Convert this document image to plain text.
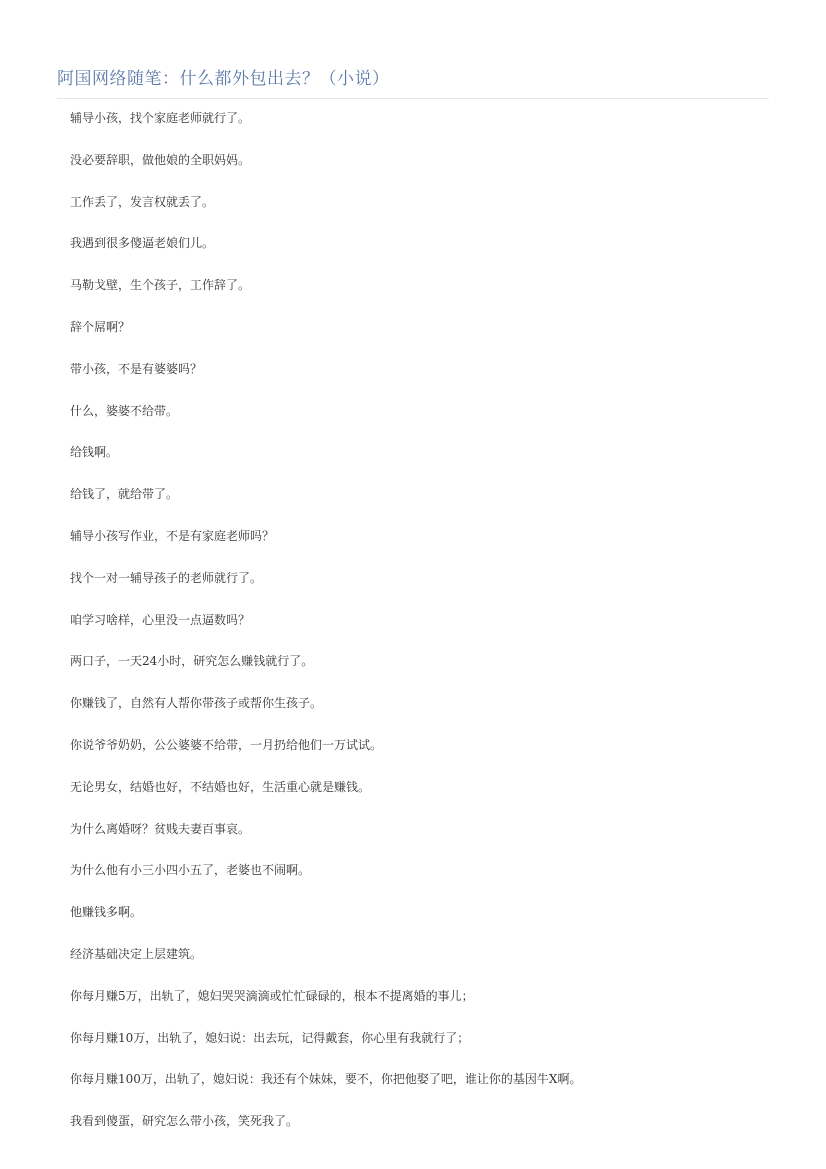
阿国网络随笔：什么都外包出去？（小说）
辅导小孩，找个家庭老师就行了。
没必要辞职，做他娘的全职妈妈。
工作丢了，发言权就丢了。
我遇到很多傻逼老娘们儿。
马勒戈壁，生个孩子，工作辞了。
辞个屌啊？
带小孩，不是有婆婆吗？
什么，婆婆不给带。
给钱啊。
给钱了，就给带了。
辅导小孩写作业，不是有家庭老师吗？
找个一对一辅导孩子的老师就行了。
咱学习啥样，心里没一点逼数吗？
两口子，一天24小时，研究怎么赚钱就行了。
你赚钱了，自然有人帮你带孩子或帮你生孩子。
你说爷爷奶奶，公公婆婆不给带，一月扔给他们一万试试。
无论男女，结婚也好，不结婚也好，生活重心就是赚钱。
为什么离婚呀？贫贱夫妻百事哀。
为什么他有小三小四小五了，老婆也不闹啊。
他赚钱多啊。
经济基础决定上层建筑。
你每月赚5万，出轨了，媳妇哭哭滴滴或忙忙碌碌的，根本不提离婚的事儿；
你每月赚10万，出轨了，媳妇说：出去玩，记得戴套，你心里有我就行了；
你每月赚100万，出轨了，媳妇说：我还有个妹妹，要不，你把他娶了吧，谁让你的基因牛X啊。
我看到傻蛋，研究怎么带小孩，笑死我了。
